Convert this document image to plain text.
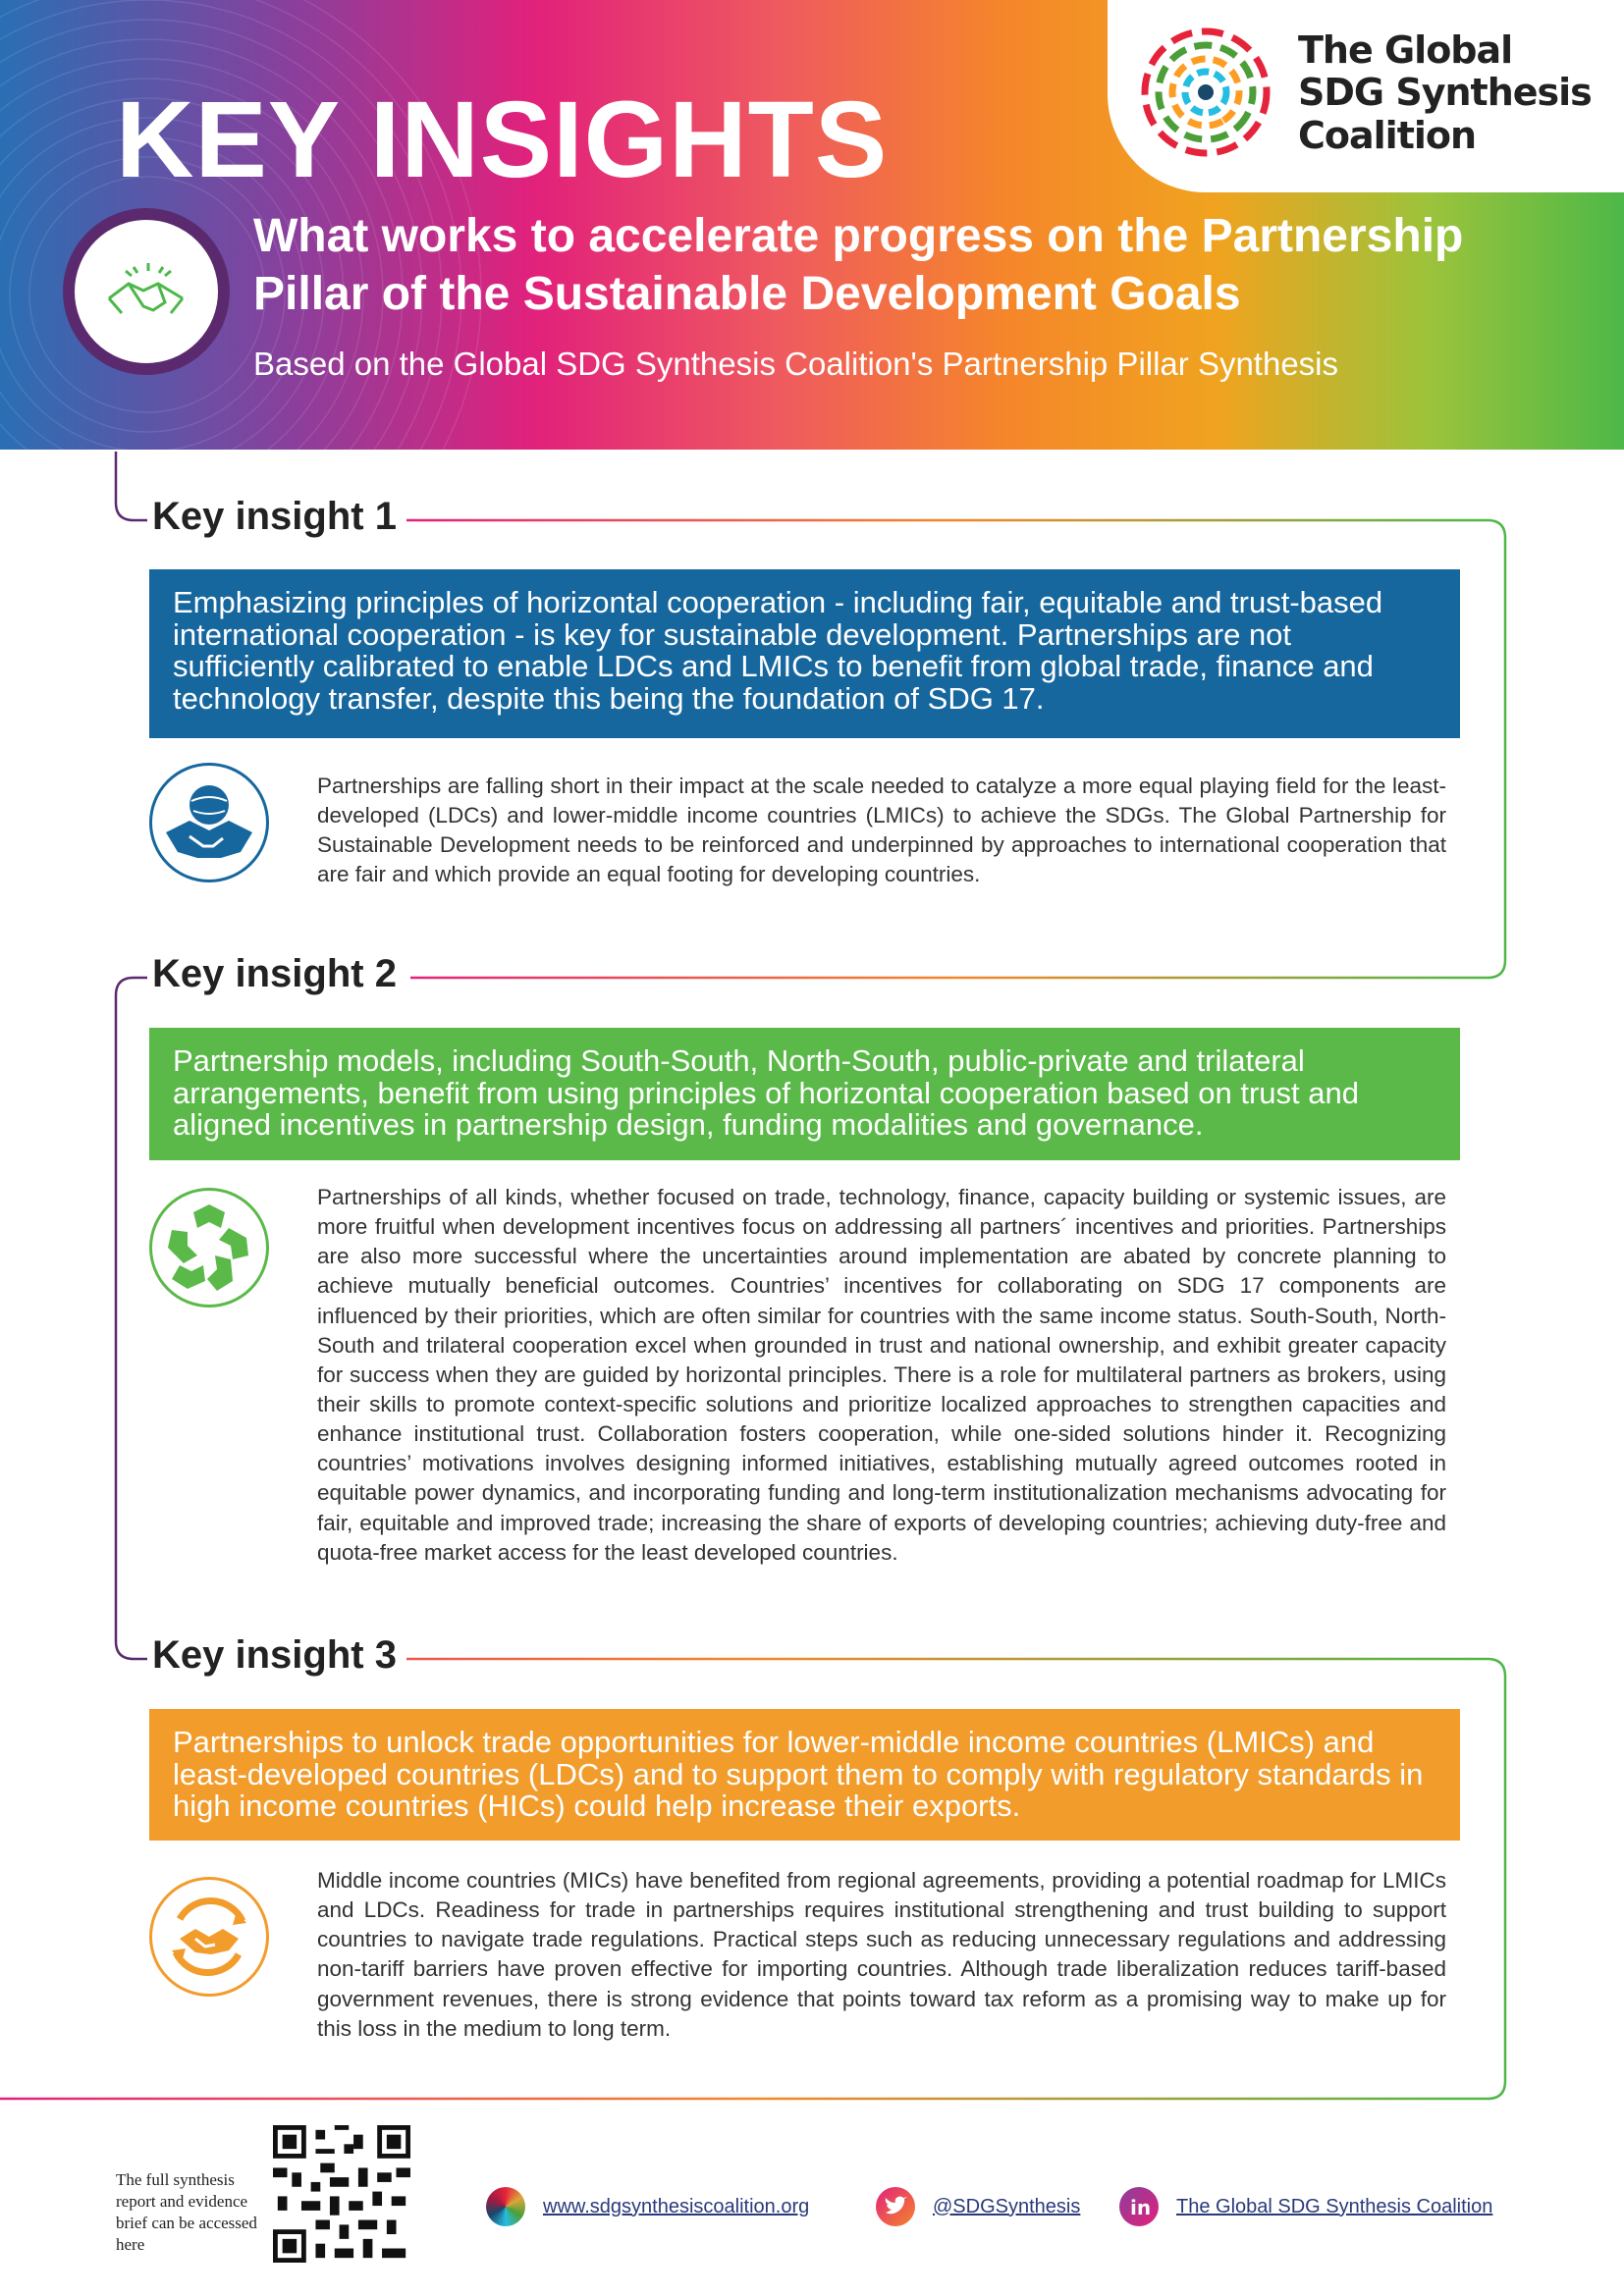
KEY INSIGHTS
What works to accelerate progress on the Partnership
Pillar of the Sustainable Development Goals
Based on the Global SDG Synthesis Coalition's Partnership Pillar Synthesis
The Global
SDG Synthesis
Coalition
Key insight 1
Emphasizing principles of horizontal cooperation - including fair, equitable and trust-based international cooperation - is key for sustainable development. Partnerships are not sufficiently calibrated to enable LDCs and LMICs to benefit from global trade, finance and technology transfer, despite this being the foundation of SDG 17.
Partnerships are falling short in their impact at the scale needed to catalyze a more equal playing field for the least-developed (LDCs) and lower-middle income countries (LMICs) to achieve the SDGs. The Global Partnership for Sustainable Development needs to be reinforced and underpinned by approaches to international cooperation that are fair and which provide an equal footing for developing countries.
Key insight 2
Partnership models, including South-South, North-South, public-private and trilateral arrangements, benefit from using principles of horizontal cooperation based on trust and aligned incentives in partnership design, funding modalities and governance.
Partnerships of all kinds, whether focused on trade, technology, finance, capacity building or systemic issues, are more fruitful when development incentives focus on addressing all partners´ incentives and priorities. Partnerships are also more successful where the uncertainties around implementation are abated by concrete planning to achieve mutually beneficial outcomes. Countries’ incentives for collaborating on SDG 17 components are influenced by their priorities, which are often similar for countries with the same income status. South-South, North-South and trilateral cooperation excel when grounded in trust and national ownership, and exhibit greater capacity for success when they are guided by horizontal principles. There is a role for multilateral partners as brokers, using their skills to promote context-specific solutions and prioritize localized approaches to strengthen capacities and enhance institutional trust. Collaboration fosters cooperation, while one-sided solutions hinder it. Recognizing countries’ motivations involves designing informed initiatives, establishing mutually agreed outcomes rooted in equitable power dynamics, and incorporating funding and long-term institutionalization mechanisms advocating for fair, equitable and improved trade; increasing the share of exports of developing countries; achieving duty-free and quota-free market access for the least developed countries.
Key insight 3
Partnerships to unlock trade opportunities for lower-middle income countries (LMICs) and least-developed countries (LDCs) and to support them to comply with regulatory standards in high income countries (HICs) could help increase their exports.
Middle income countries (MICs) have benefited from regional agreements, providing a potential roadmap for LMICs and LDCs. Readiness for trade in partnerships requires institutional strengthening and trust building to support countries to navigate trade regulations. Practical steps such as reducing unnecessary regulations and addressing non-tariff barriers have proven effective for importing countries. Although trade liberalization reduces tariff-based government revenues, there is strong evidence that points toward tax reform as a promising way to make up for this loss in the medium to long term.
The full synthesis report and evidence brief can be accessed here
www.sdgsynthesiscoalition.org	@SDGSynthesis	in The Global SDG Synthesis Coalition
